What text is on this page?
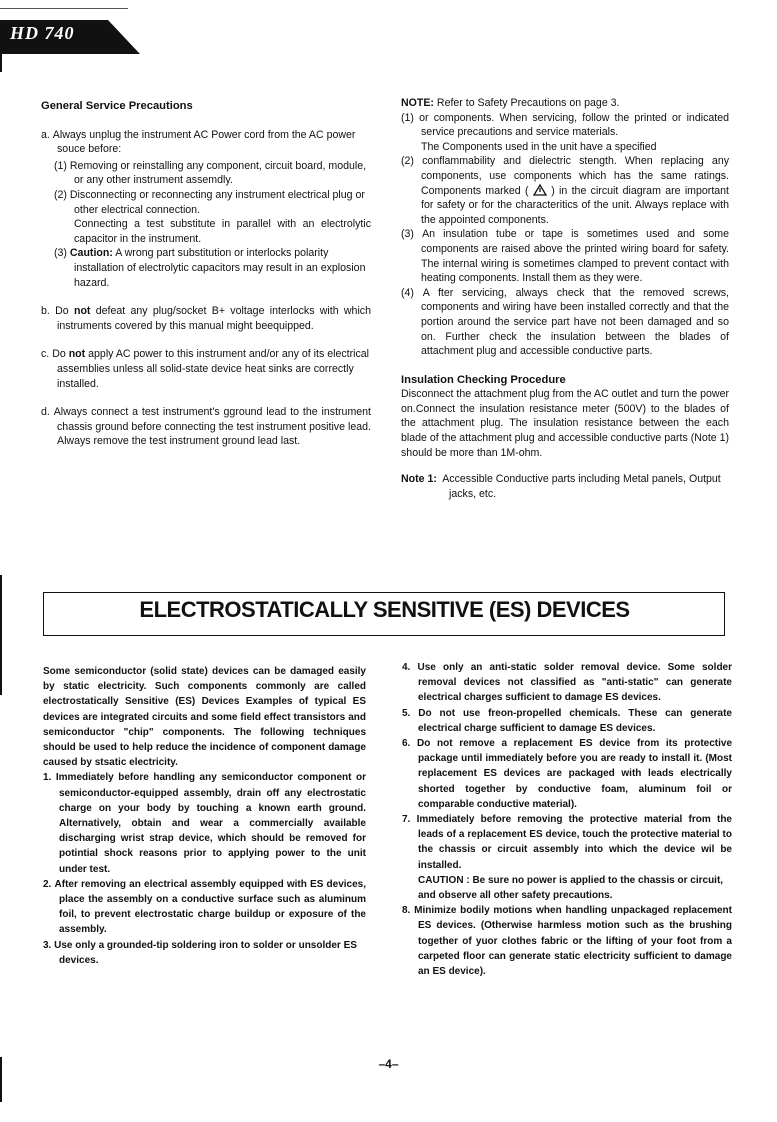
HD 740
General Service Precautions

a. Always unplug the instrument AC Power cord from the AC power souce before:

(1) Removing or reinstalling any component, circuit board, module, or any other instrument assemdly.

(2) Disconnecting or reconnecting any instrument electrical plug or other electrical connection.

Connecting a test substitute in parallel with an electrolytic capacitor in the instrument.

(3) Caution: A wrong part substitution or interlocks polarity installation of electrolytic capacitors may result in an explosion hazard.

b. Do not defeat any plug/socket B+ voltage interlocks with which instruments covered by this manual might beequipped.

c. Do not apply AC power to this instrument and/or any of its electrical assemblies unless all solid-state device heat sinks are correctly installed.

d. Always connect a test instrument's gground lead to the instrument chassis ground before connecting the test instrument positive lead. Always remove the test instrument ground lead last.

NOTE: Refer to Safety Precautions on page 3.

(1) or components. When servicing, follow the printed or indicated service precautions and service materials.

The Components used in the unit have a specified

(2) conflammability and dielectric stength. When replacing any components, use components which has the same ratings. Components marked ( ) in the circuit diagram are important for safety or for the characteritics of the unit. Always replace with the appointed components.

(3) An insulation tube or tape is sometimes used and some components are raised above the printed wiring board for safety. The internal wiring is sometimes clamped to prevent contact with heating components. Install them as they were.

(4) A fter servicing, always check that the removed screws, components and wiring have been installed correctly and that the portion around the service part have not been damaged and so on. Further check the insulation between the blades of attachment plug and accessible conductive parts.

Insulation Checking Procedure

Disconnect the attachment plug from the AC outlet and turn the power on.Connect the insulation resistance meter (500V) to the blades of the attachment plug. The insulation resistance between the each blade of the attachment plug and accessible conductive parts (Note 1) should be more than 1M-ohm.

Note 1: Accessible Conductive parts including Metal panels, Output jacks, etc.

ELECTROSTATICALLY SENSITIVE (ES) DEVICES

Some semiconductor (solid state) devices can be damaged easily by static electricity. Such components commonly are called electrostatically Sensitive (ES) Devices Examples of typical ES devices are integrated circuits and some field effect transistors and semiconductor "chip" components. The following techniques should be used to help reduce the incidence of component damage caused by stsatic electricity.

1. Immediately before handling any semiconductor component or semiconductor-equipped assembly, drain off any electrostatic charge on your body by touching a known earth ground. Alternatively, obtain and wear a commercially available discharging wrist strap device, which should be removed for potintial shock reasons prior to applying power to the unit under test.

2. After removing an electrical assembly equipped with ES devices, place the assembly on a conductive surface such as aluminum foil, to prevent electrostatic charge buildup or exposure of the assembly.

3. Use only a grounded-tip soldering iron to solder or unsolder ES devices.

4. Use only an anti-static solder removal device. Some solder removal devices not classified as "anti-static" can generate electrical charges sufficient to damage ES devices.

5. Do not use freon-propelled chemicals. These can generate electrical charge sufficient to damage ES devices.

6. Do not remove a replacement ES device from its protective package until immediately before you are ready to install it. (Most replacement ES devices are packaged with leads electrically shorted together by conductive foam, aluminum foil or comparable conductive material).

7. Immediately before removing the protective material from the leads of a replacement ES device, touch the protective material to the chassis or circuit assembly into which the device wil be installed.

CAUTION : Be sure no power is applied to the chassis or circuit, and observe all other safety precautions.

8. Minimize bodily motions when handling unpackaged replacement ES devices. (Otherwise harmless motion such as the brushing together of yuor clothes fabric or the lifting of your foot from a carpeted floor can generate static electricity sufficient to damage an ES device).

–4–
